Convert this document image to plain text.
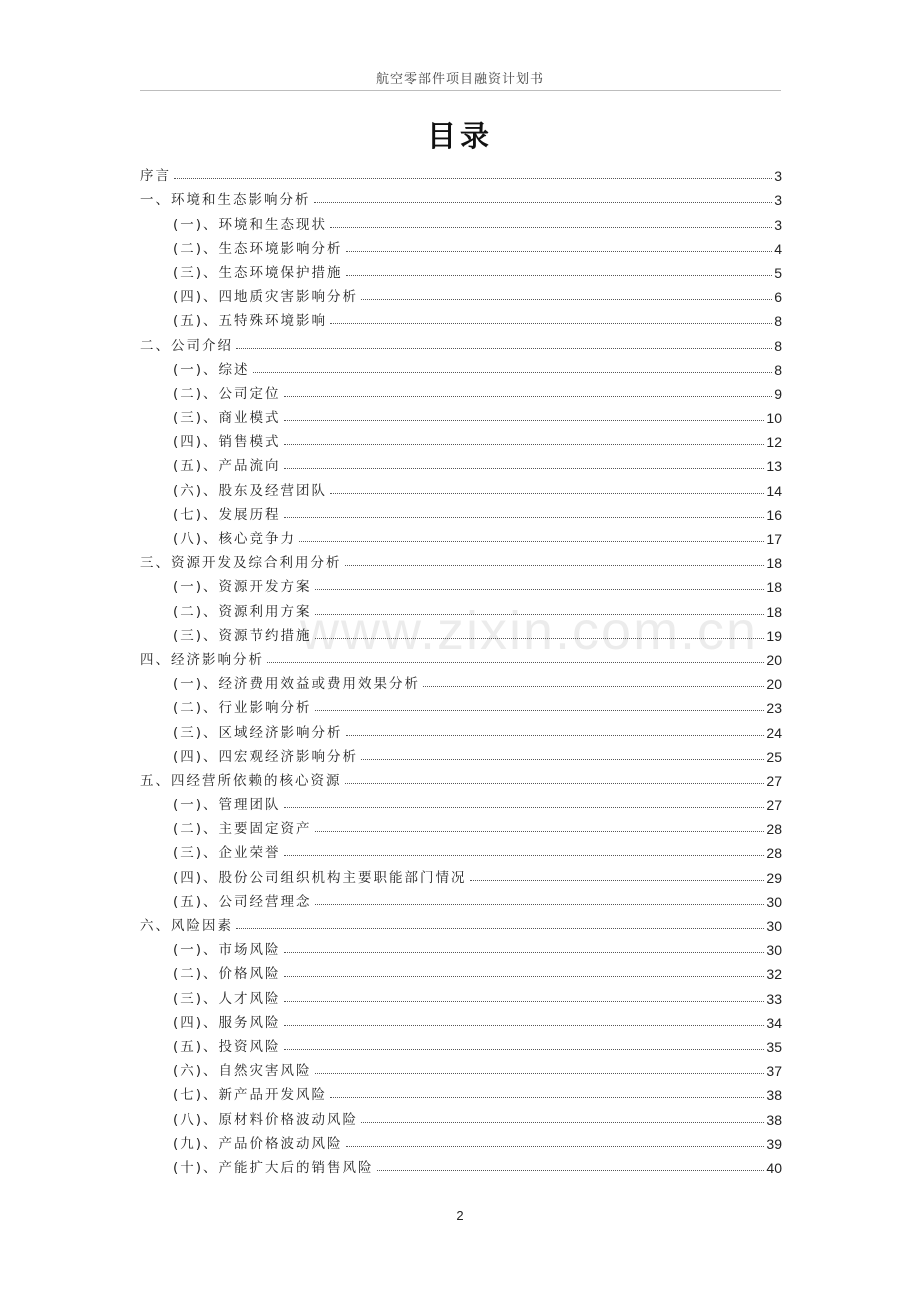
航空零部件项目融资计划书
目录
序言	3
一、环境和生态影响分析	3
(一)、环境和生态现状	3
(二)、生态环境影响分析	4
(三)、生态环境保护措施	5
(四)、四地质灾害影响分析	6
(五)、五特殊环境影响	8
二、公司介绍	8
(一)、综述	8
(二)、公司定位	9
(三)、商业模式	10
(四)、销售模式	12
(五)、产品流向	13
(六)、股东及经营团队	14
(七)、发展历程	16
(八)、核心竞争力	17
三、资源开发及综合利用分析	18
(一)、资源开发方案	18
(二)、资源利用方案	18
(三)、资源节约措施	19
四、经济影响分析	20
(一)、经济费用效益或费用效果分析	20
(二)、行业影响分析	23
(三)、区域经济影响分析	24
(四)、四宏观经济影响分析	25
五、四经营所依赖的核心资源	27
(一)、管理团队	27
(二)、主要固定资产	28
(三)、企业荣誉	28
(四)、股份公司组织机构主要职能部门情况	29
(五)、公司经营理念	30
六、风险因素	30
(一)、市场风险	30
(二)、价格风险	32
(三)、人才风险	33
(四)、服务风险	34
(五)、投资风险	35
(六)、自然灾害风险	37
(七)、新产品开发风险	38
(八)、原材料价格波动风险	38
(九)、产品价格波动风险	39
(十)、产能扩大后的销售风险	40
www.zixin.com.cn
2
